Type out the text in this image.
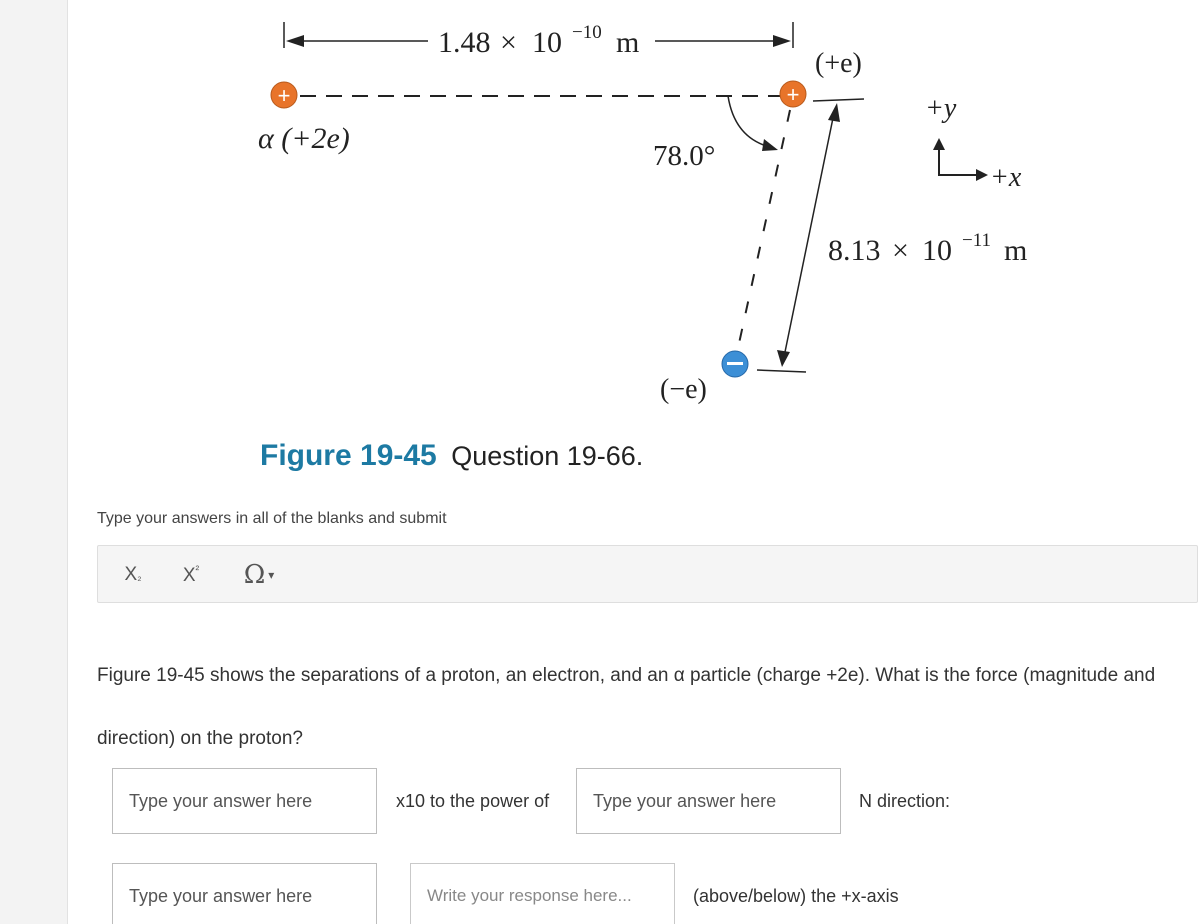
1.48 × 10 −10 m
+
α (+2e)
+
(+e)
78.0°
(−e)
8.13 × 10 −11 m
+y
+x
Figure 19-45 Question 19-66.
Type your answers in all of the blanks and submit
X₂ $X^{^2}$ Ω ▾
Figure 19-45 shows the separations of a proton, an electron, and an α particle (charge +2e). What is the force (magnitude and
direction) on the proton?
Type your answer here
x10 to the power of
Type your answer here	N direction:
Type your answer here
Write your response here...
(above/below) the +x-axis
